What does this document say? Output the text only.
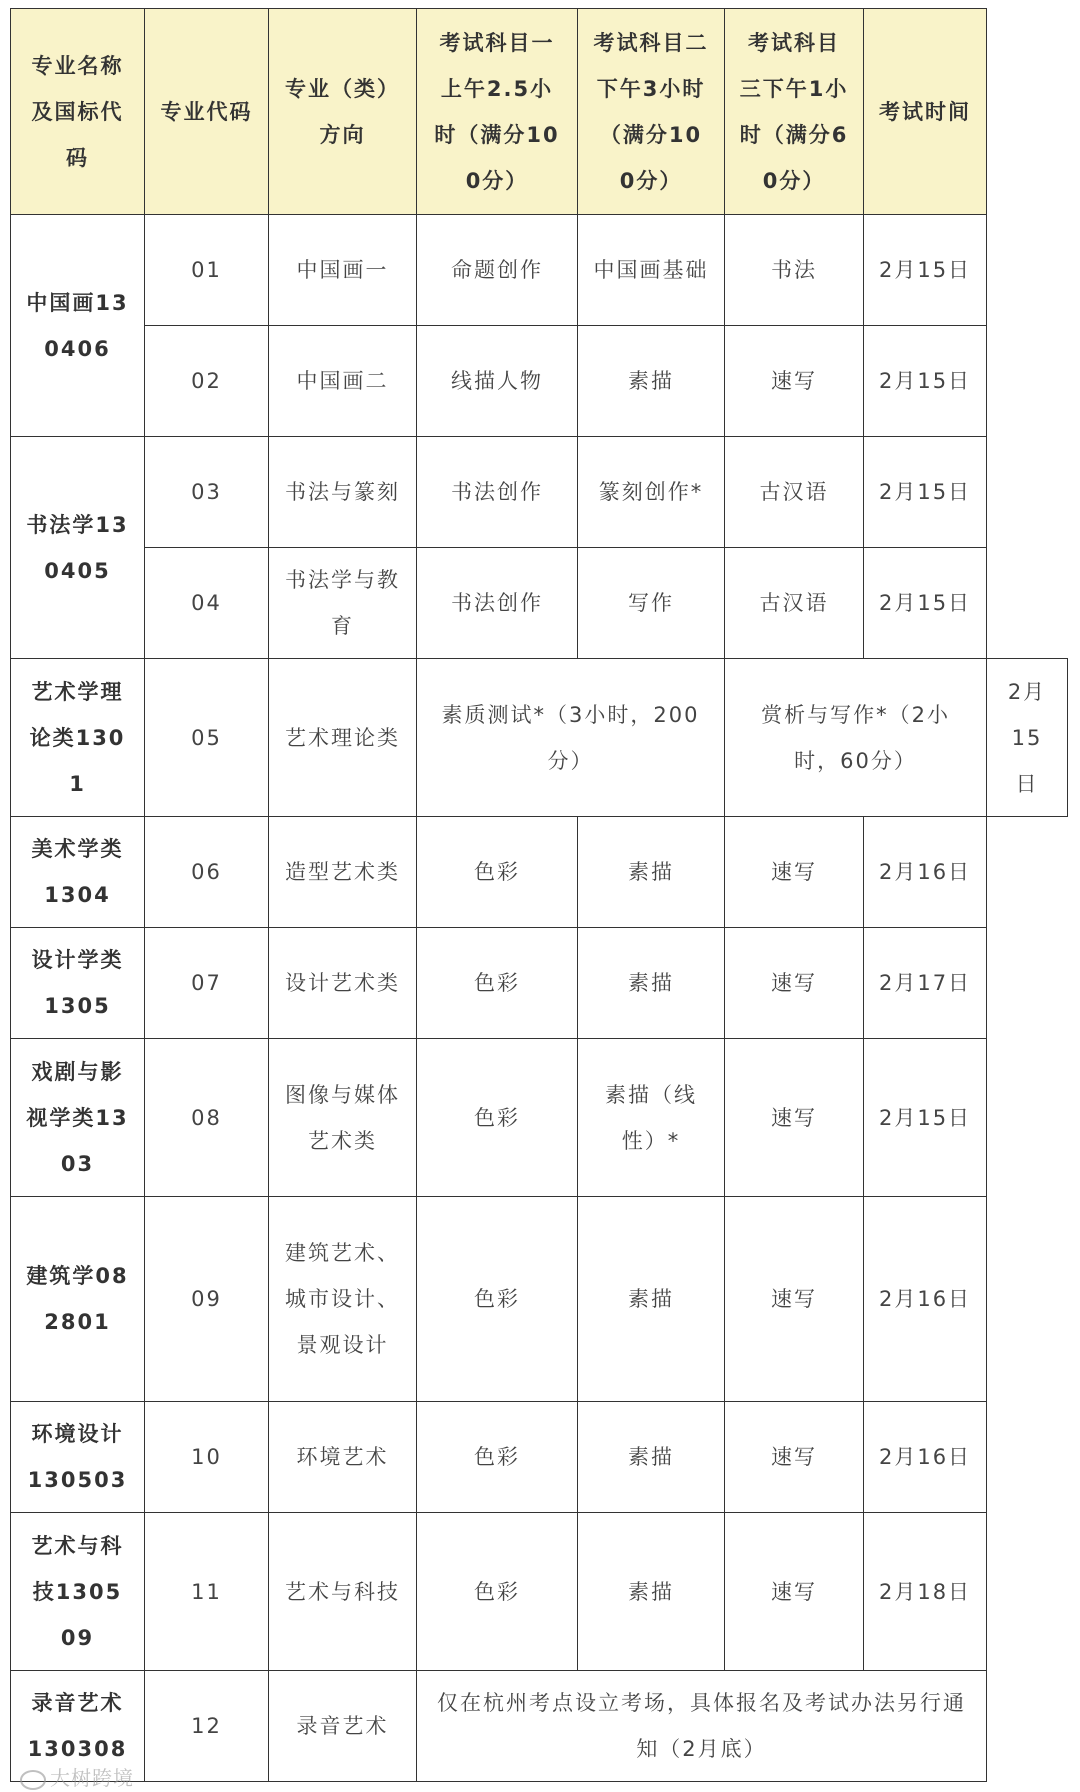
专业名称及国标代码	专业代码	专业（类）方向	考试科目一上午2.5小时（满分100分）	考试科目二下午3小时 （满分100分）	考试科目三下午1小时（满分60分）	考试时间	
中国画130406	01	中国画一	命题创作	中国画基础	书法	2月15日	
	02	中国画二	线描人物	素描	速写	2月15日	
书法学130405	03	书法与篆刻	书法创作	篆刻创作*	古汉语	2月15日	
	04	书法学与教育	书法创作	写作	古汉语	2月15日	
艺术学理论类1301	05	艺术理论类	素质测试*（3小时，200分）		赏析与写作*（2小时，60分）		2月15日
美术学类1304	06	造型艺术类	色彩	素描	速写	2月16日	
设计学类1305	07	设计艺术类	色彩	素描	速写	2月17日	
戏剧与影视学类1303	08	图像与媒体艺术类	色彩	素描（线性）*	速写	2月15日	
建筑学082801	09	建筑艺术、城市设计、景观设计	色彩	素描	速写	2月16日	
环境设计130503	10	环境艺术	色彩	素描	速写	2月16日	
艺术与科技130509	11	艺术与科技	色彩	素描	速写	2月18日	
录音艺术130308	12	录音艺术	仅在杭州考点设立考场，具体报名及考试办法另行通知（2月底）				
大树跨境
